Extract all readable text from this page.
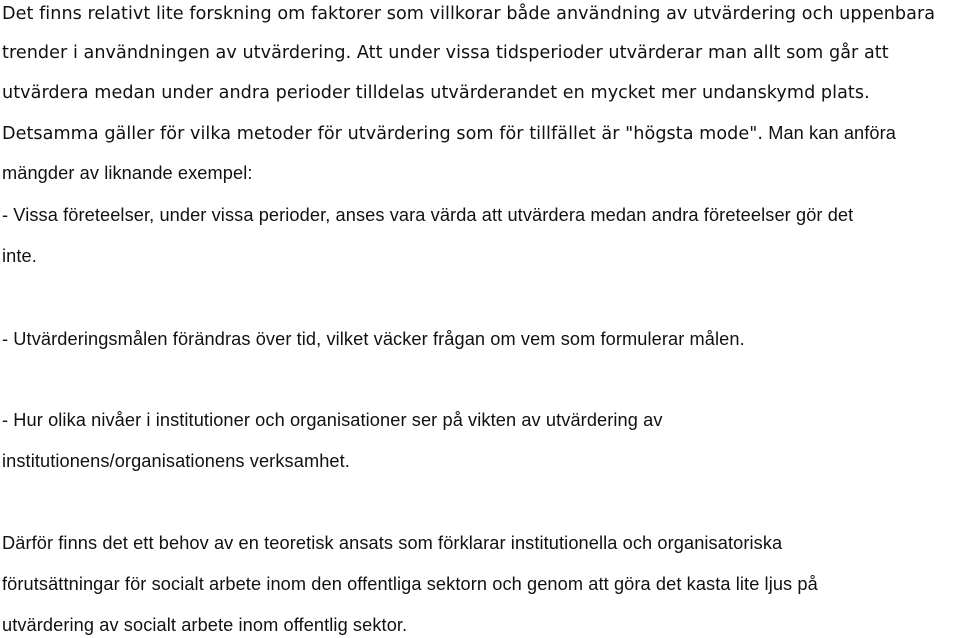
Det finns relativt lite forskning om faktorer som villkorar både användning av utvärdering och uppenbara
trender i användningen av utvärdering. Att under vissa tidsperioder utvärderar man allt som går att
utvärdera medan under andra perioder tilldelas utvärderandet en mycket mer undanskymd plats.
Detsamma gäller för vilka metoder för utvärdering som för tillfället är "högsta mode". Man kan anföra
mängder av liknande exempel:
- Vissa företeelser, under vissa perioder, anses vara värda att utvärdera medan andra företeelser gör det
inte.
- Utvärderingsmålen förändras över tid, vilket väcker frågan om vem som formulerar målen.
- Hur olika nivåer i institutioner och organisationer ser på vikten av utvärdering av
institutionens/organisationens verksamhet.
Därför finns det ett behov av en teoretisk ansats som förklarar institutionella och organisatoriska
förutsättningar för socialt arbete inom den offentliga sektorn och genom att göra det kasta lite ljus på
utvärdering av socialt arbete inom offentlig sektor.
